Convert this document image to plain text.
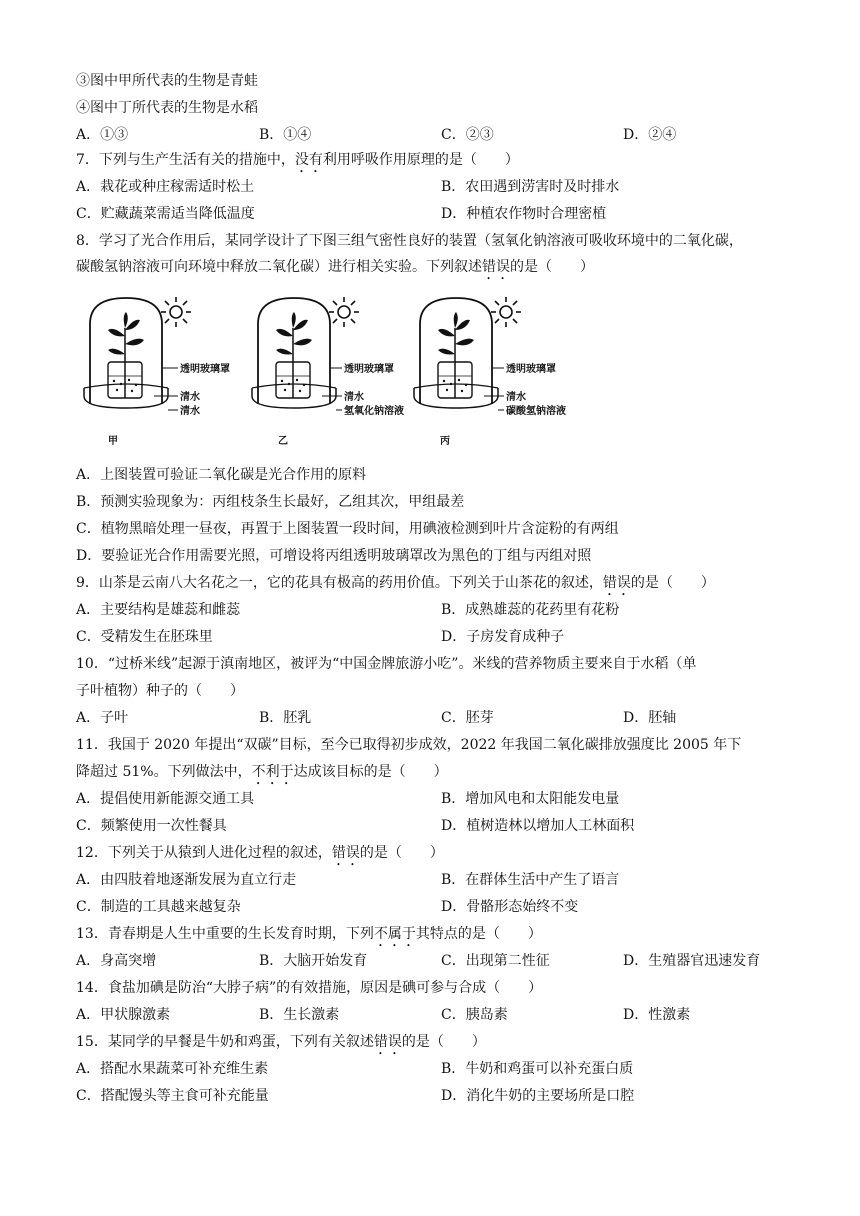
③图中甲所代表的生物是青蛙
④图中丁所代表的生物是水稻
A．①③	B．①④	C．②③	D．②④
7．下列与生产生活有关的措施中，没有利用呼吸作用原理的是（　　）
A．栽花或种庄稼需适时松土	B．农田遇到涝害时及时排水
C．贮藏蔬菜需适当降低温度	D．种植农作物时合理密植
8．学习了光合作用后，某同学设计了下图三组气密性良好的装置（氢氧化钠溶液可吸收环境中的二氧化碳，
碳酸氢钠溶液可向环境中释放二氧化碳）进行相关实验。下列叙述错误的是（　　）
透明玻璃罩
清水
清水
甲
透明玻璃罩
清水
氢氧化钠溶液
乙
透明玻璃罩
清水
碳酸氢钠溶液
丙
A．上图装置可验证二氧化碳是光合作用的原料
B．预测实验现象为：丙组枝条生长最好，乙组其次，甲组最差
C．植物黑暗处理一昼夜，再置于上图装置一段时间，用碘液检测到叶片含淀粉的有两组
D．要验证光合作用需要光照，可增设将丙组透明玻璃罩改为黑色的丁组与丙组对照
9．山茶是云南八大名花之一，它的花具有极高的药用价值。下列关于山茶花的叙述，错误的是（　　）
A．主要结构是雄蕊和雌蕊	B．成熟雄蕊的花药里有花粉
C．受精发生在胚珠里	D．子房发育成种子
10．“过桥米线”起源于滇南地区，被评为“中国金牌旅游小吃”。米线的营养物质主要来自于水稻（单
子叶植物）种子的（　　）
A．子叶	B．胚乳	C．胚芽	D．胚轴
11．我国于 2020 年提出“双碳”目标，至今已取得初步成效，2022 年我国二氧化碳排放强度比 2005 年下
降超过 51%。下列做法中，不利于达成该目标的是（　　）
A．提倡使用新能源交通工具	B．增加风电和太阳能发电量
C．频繁使用一次性餐具	D．植树造林以增加人工林面积
12．下列关于从猿到人进化过程的叙述，错误的是（　　）
A．由四肢着地逐渐发展为直立行走	B．在群体生活中产生了语言
C．制造的工具越来越复杂	D．骨骼形态始终不变
13．青春期是人生中重要的生长发育时期，下列不属于其特点的是（　　）
A．身高突增	B．大脑开始发育	C．出现第二性征	D．生殖器官迅速发育
14．食盐加碘是防治“大脖子病”的有效措施，原因是碘可参与合成（　　）
A．甲状腺激素	B．生长激素	C．胰岛素	D．性激素
15．某同学的早餐是牛奶和鸡蛋，下列有关叙述错误的是（　　）
A．搭配水果蔬菜可补充维生素	B．牛奶和鸡蛋可以补充蛋白质
C．搭配馒头等主食可补充能量	D．消化牛奶的主要场所是口腔
